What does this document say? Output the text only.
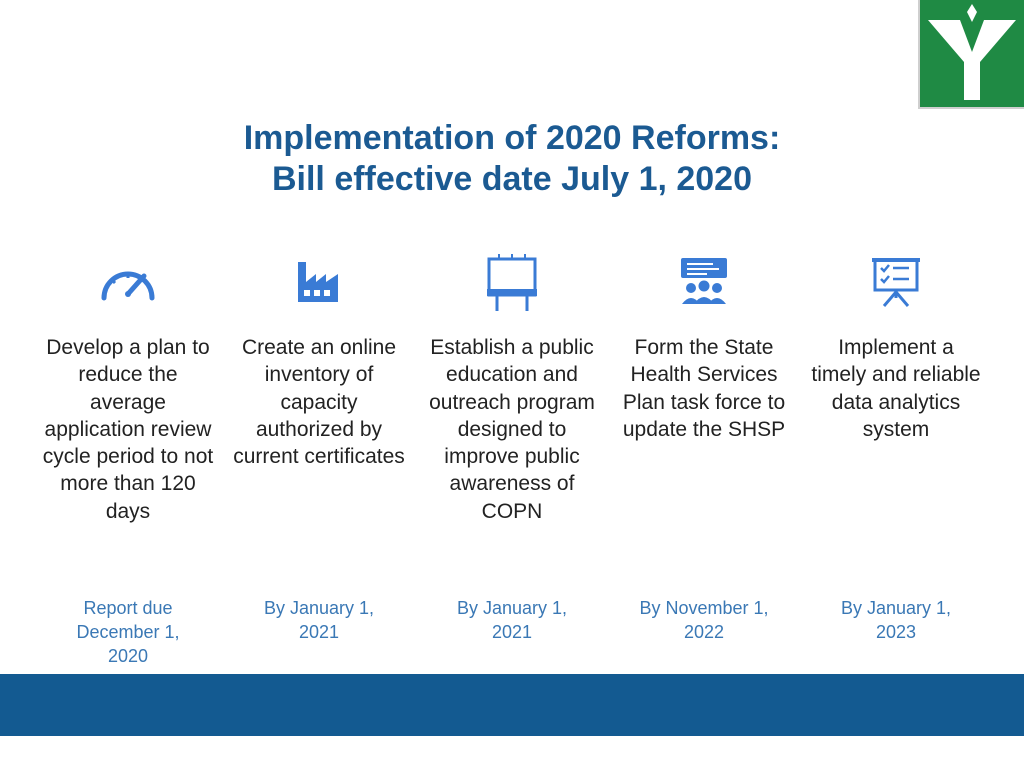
Implementation of 2020 Reforms:
Bill effective date July 1, 2020
Develop a plan to reduce the average application review cycle period to not more than 120 days
Report due December 1, 2020
Create an online inventory of capacity authorized by current certificates
By January 1, 2021
Establish a public education and outreach program designed to improve public awareness of COPN
By January 1, 2021
Form the State Health Services Plan task force to update the SHSP
By November 1, 2022
Implement a timely and reliable data analytics system
By January 1, 2023
